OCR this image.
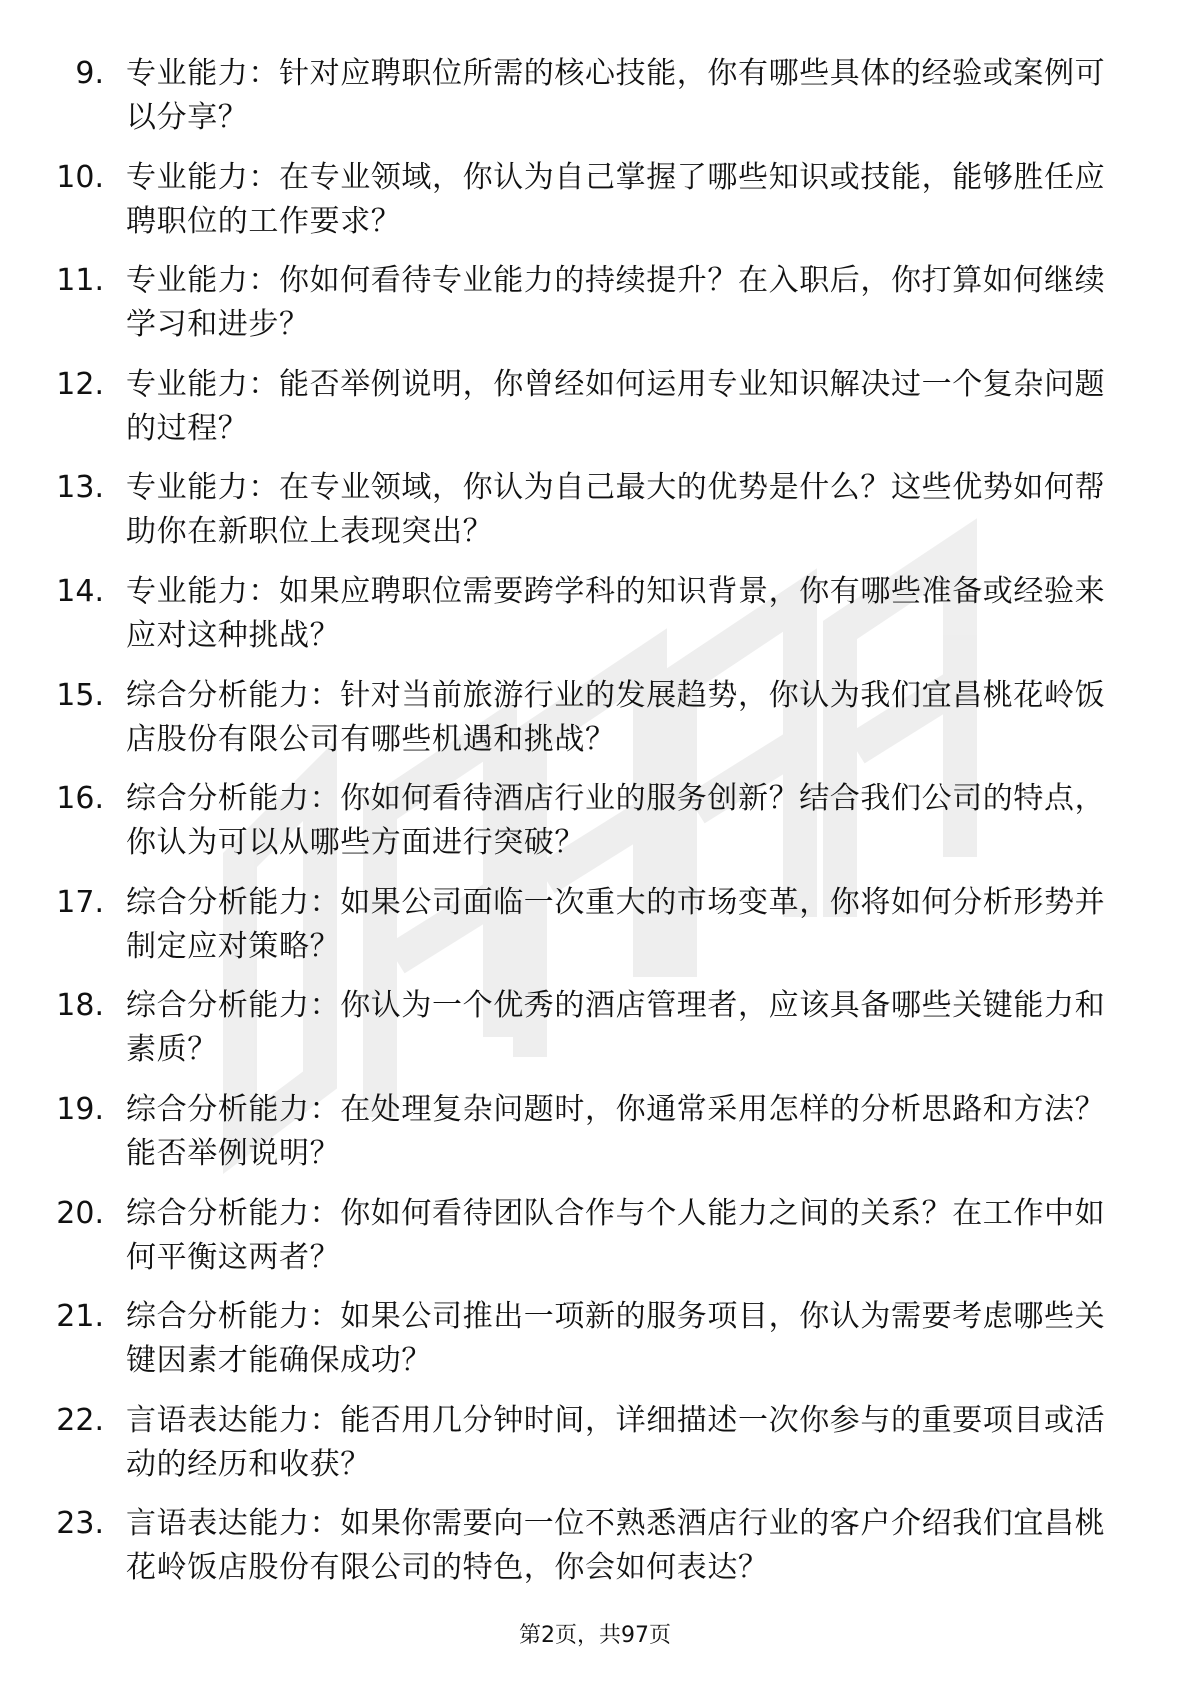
9. 专业能力：针对应聘职位所需的核心技能，你有哪些具体的经验或案例可以分享？
10. 专业能力：在专业领域，你认为自己掌握了哪些知识或技能，能够胜任应聘职位的工作要求？
11. 专业能力：你如何看待专业能力的持续提升？在入职后，你打算如何继续学习和进步？
12. 专业能力：能否举例说明，你曾经如何运用专业知识解决过一个复杂问题的过程？
13. 专业能力：在专业领域，你认为自己最大的优势是什么？这些优势如何帮助你在新职位上表现突出？
14. 专业能力：如果应聘职位需要跨学科的知识背景，你有哪些准备或经验来应对这种挑战？
15. 综合分析能力：针对当前旅游行业的发展趋势，你认为我们宜昌桃花岭饭店股份有限公司有哪些机遇和挑战？
16. 综合分析能力：你如何看待酒店行业的服务创新？结合我们公司的特点，你认为可以从哪些方面进行突破？
17. 综合分析能力：如果公司面临一次重大的市场变革，你将如何分析形势并制定应对策略？
18. 综合分析能力：你认为一个优秀的酒店管理者，应该具备哪些关键能力和素质？
19. 综合分析能力：在处理复杂问题时，你通常采用怎样的分析思路和方法？能否举例说明？
20. 综合分析能力：你如何看待团队合作与个人能力之间的关系？在工作中如何平衡这两者？
21. 综合分析能力：如果公司推出一项新的服务项目，你认为需要考虑哪些关键因素才能确保成功？
22. 言语表达能力：能否用几分钟时间，详细描述一次你参与的重要项目或活动的经历和收获？
23. 言语表达能力：如果你需要向一位不熟悉酒店行业的客户介绍我们宜昌桃花岭饭店股份有限公司的特色，你会如何表达？
第2页，共97页
